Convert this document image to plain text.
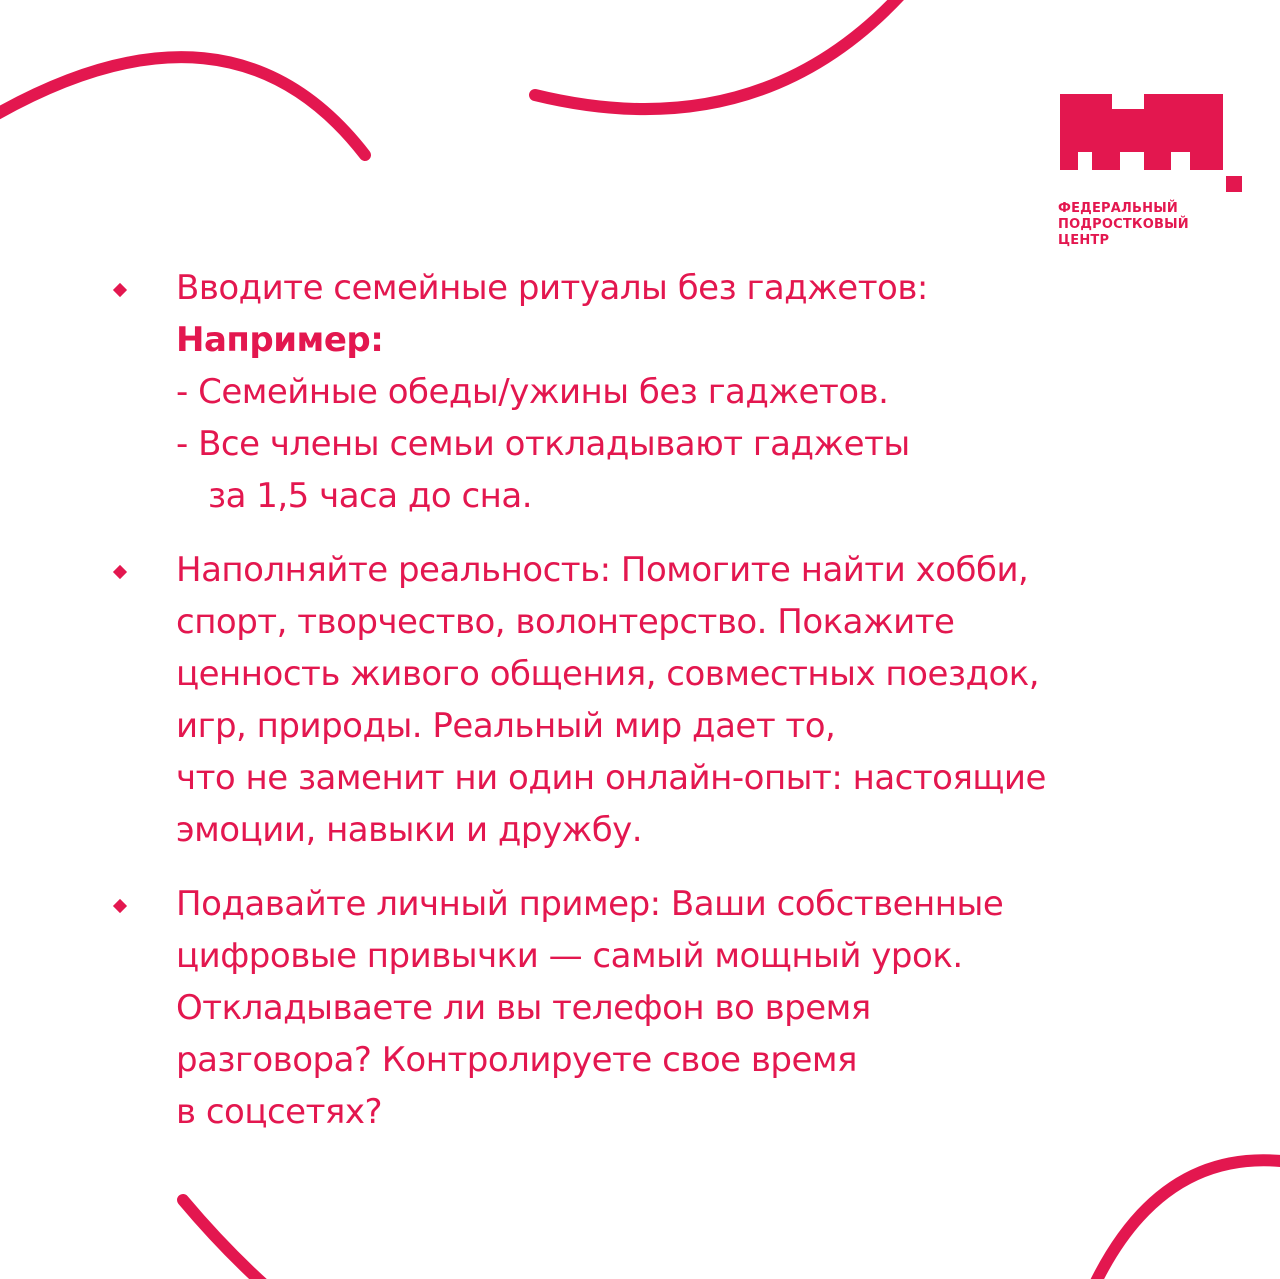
ФЕДЕРАЛЬНЫЙ
ПОДРОСТКОВЫЙ
ЦЕНТР
Вводите семейные ритуалы без гаджетов:
Например:
- Семейные обеды/ужины без гаджетов.
- Все члены семьи откладывают гаджеты
за 1,5 часа до сна.
Наполняйте реальность: Помогите найти хобби,
спорт, творчество, волонтерство. Покажите
ценность живого общения, совместных поездок,
игр, природы. Реальный мир дает то,
что не заменит ни один онлайн-опыт: настоящие
эмоции, навыки и дружбу.
Подавайте личный пример: Ваши собственные
цифровые привычки — самый мощный урок.
Откладываете ли вы телефон во время
разговора? Контролируете свое время
в соцсетях?
